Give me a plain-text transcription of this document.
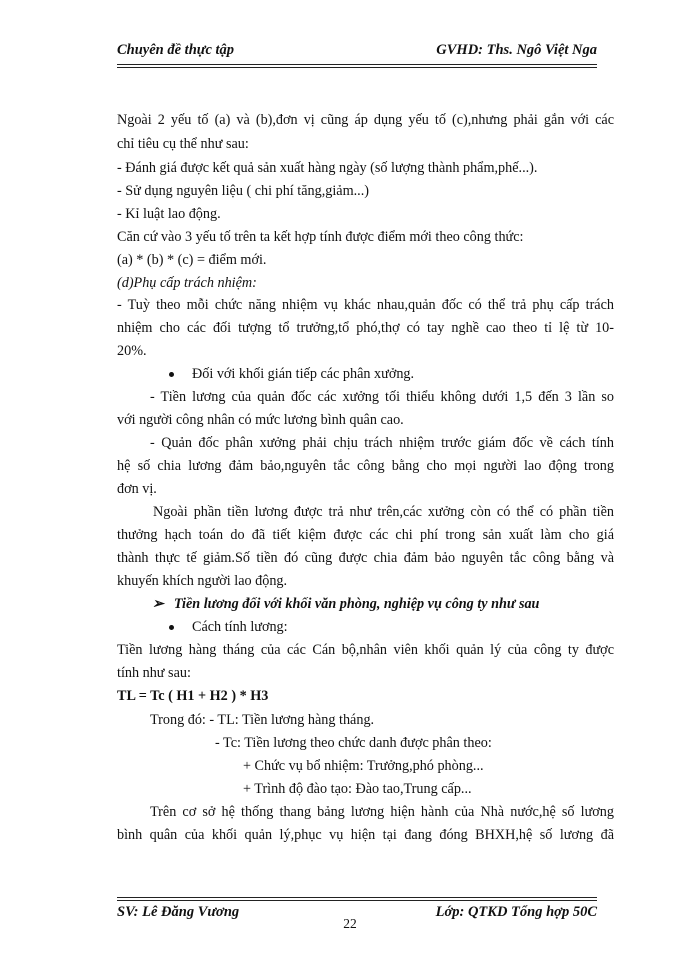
Chuyên đề thực tập	GVHD: Ths. Ngô Việt Nga
Ngoài 2 yếu tố (a) và (b),đơn vị cũng áp dụng yếu tố (c),nhưng phải gắn với các
chỉ tiêu cụ thể như sau:
- Đánh giá được kết quả sản xuất hàng ngày (số lượng thành phẩm,phế...).
- Sử dụng nguyên liệu ( chi phí tăng,giảm...)
- Kỉ luật lao động.
Căn cứ vào 3 yếu tố trên ta kết hợp tính được điểm mới theo công thức:
(a) * (b) * (c) = điểm mới.
(d)Phụ cấp trách nhiệm:
- Tuỳ theo mỗi chức năng nhiệm vụ khác nhau,quản đốc có thể trả phụ cấp trách
nhiệm cho các đối tượng tổ trưởng,tổ phó,thợ có tay nghề cao theo tỉ lệ từ 10-
20%.
Đối với khối gián tiếp các phân xưởng.
- Tiền lương của quản đốc các xưởng tối thiểu không dưới 1,5 đến 3 lần so
với người công nhân có mức lương bình quân cao.
- Quản đốc phân xưởng phải chịu trách nhiệm trước giám đốc về cách tính
hệ số chia lương đảm bảo,nguyên tắc công bằng cho mọi người lao động trong
đơn vị.
Ngoài phần tiền lương được trả như trên,các xưởng còn có thể có phần tiền
thưởng hạch toán do đã tiết kiệm được các chi phí trong sản xuất làm cho giá
thành thực tế giảm.Số tiền đó cũng được chia đảm bảo nguyên tắc công bằng và
khuyến khích người lao động.
➢ Tiền lương đối với khối văn phòng, nghiệp vụ công ty như sau
Cách tính lương:
Tiền lương hàng tháng của các Cán bộ,nhân viên khối quản lý của công ty được
tính như sau:
TL = Tc ( H1 + H2 ) * H3
Trong đó: - TL: Tiền lương hàng tháng.
- Tc: Tiền lương theo chức danh được phân theo:
+ Chức vụ bổ nhiệm: Trưởng,phó phòng...
+ Trình độ đào tạo: Đào tao,Trung cấp...
Trên cơ sở hệ thống thang bảng lương hiện hành của Nhà nước,hệ số lương
bình quân của khối quản lý,phục vụ hiện tại đang đóng BHXH,hệ số lương đã
SV: Lê Đăng Vương	Lớp: QTKD Tổng hợp 50C
22
